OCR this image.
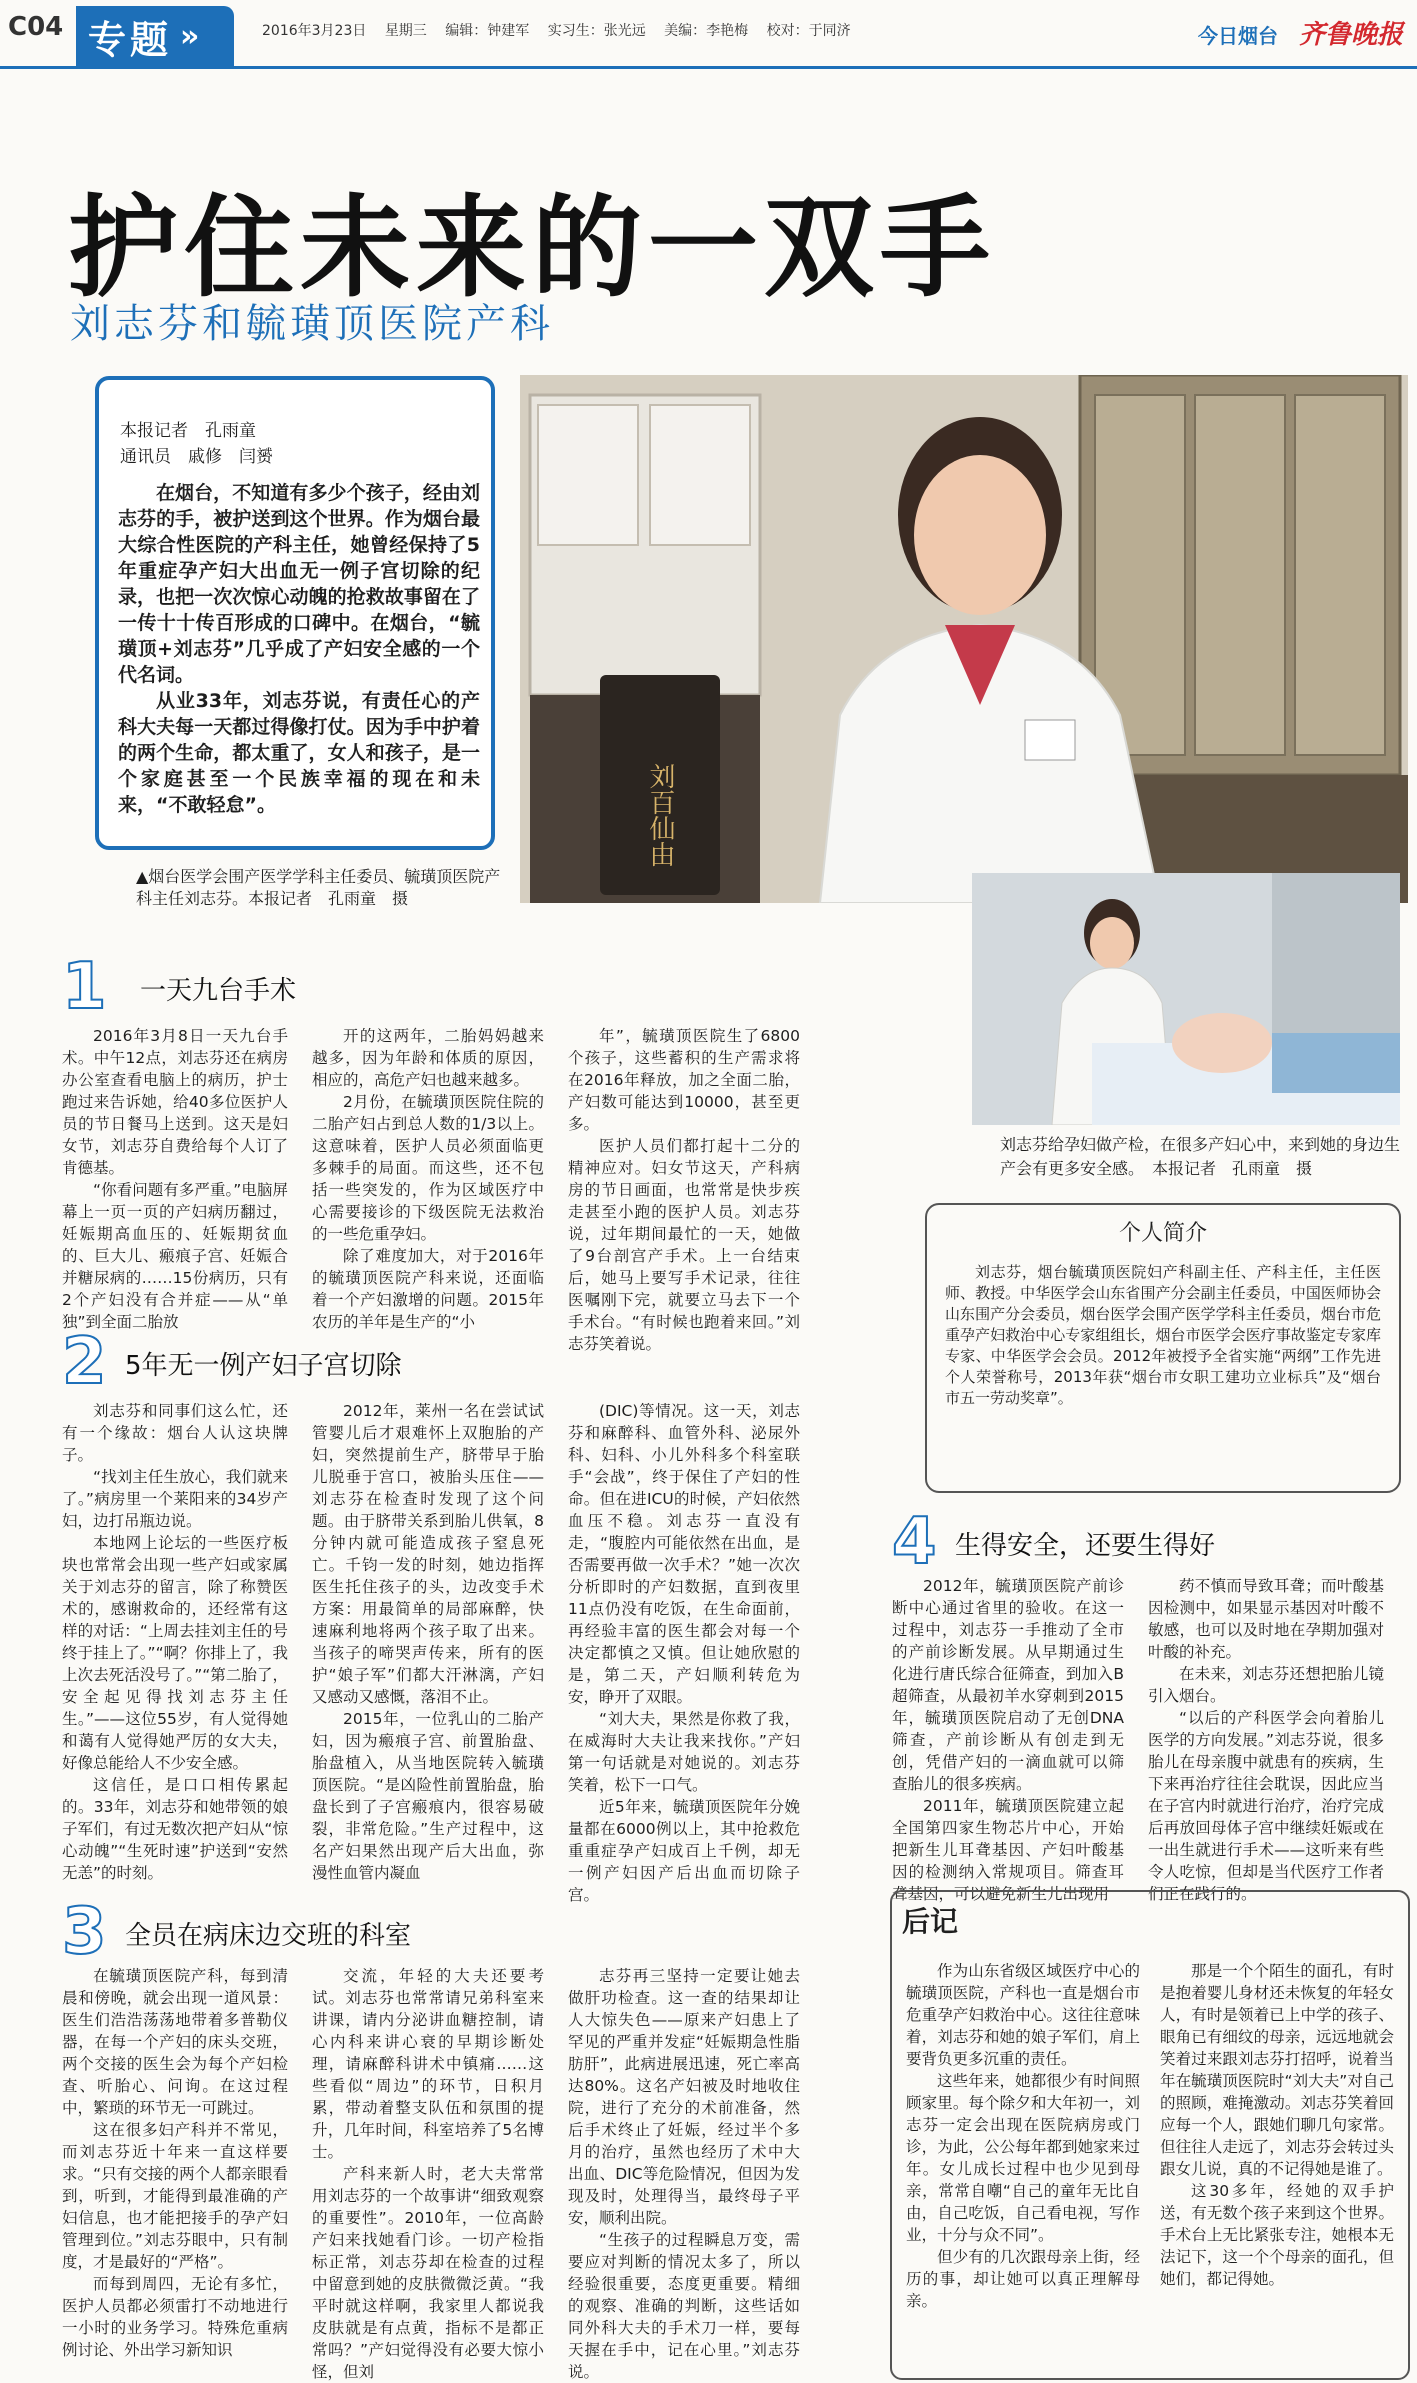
C04 专题 »	2016年3月23日 星期三 编辑：钟建军 实习生：张光远 美编：李艳梅 校对：于同济	今日烟台 齐鲁晚报
护住未来的一双手
刘志芬和毓璜顶医院产科
本报记者　孔雨童
通讯员　戚修　闫赟

在烟台，不知道有多少个孩子，经由刘志芬的手，被护送到这个世界。作为烟台最大综合性医院的产科主任，她曾经保持了5年重症孕产妇大出血无一例子宫切除的纪录，也把一次次惊心动魄的抢救故事留在了一传十十传百形成的口碑中。在烟台，“毓璜顶+刘志芬”几乎成了产妇安全感的一个代名词。

从业33年，刘志芬说，有责任心的产科大夫每一天都过得像打仗。因为手中护着的两个生命，都太重了，女人和孩子，是一个家庭甚至一个民族幸福的现在和未来，“不敢轻怠”。	刘百仙由
▲烟台医学会围产医学学科主任委员、毓璜顶医院产科主任刘志芬。本报记者　孔雨童　摄
刘志芬给孕妇做产检，在很多产妇心中，来到她的身边生产会有更多安全感。　本报记者　孔雨童　摄
个人简介
刘志芬，烟台毓璜顶医院妇产科副主任、产科主任，主任医师、教授。中华医学会山东省围产分会副主任委员，中国医师协会山东围产分会委员，烟台医学会围产医学学科主任委员，烟台市危重孕产妇救治中心专家组组长，烟台市医学会医疗事故鉴定专家库专家、中华医学会会员。2012年被授予全省实施“两纲”工作先进个人荣誉称号，2013年获“烟台市女职工建功立业标兵”及“烟台市五一劳动奖章”。
1 一天九台手术

2016年3月8日一天九台手术。中午12点，刘志芬还在病房办公室查看电脑上的病历，护士跑过来告诉她，给40多位医护人员的节日餐马上送到。这天是妇女节，刘志芬自费给每个人订了肯德基。

“你看问题有多严重。”电脑屏幕上一页一页的产妇病历翻过，妊娠期高血压的、妊娠期贫血的、巨大儿、瘢痕子宫、妊娠合并糖尿病的……15份病历，只有2个产妇没有合并症——从“单独”到全面二胎放

开的这两年，二胎妈妈越来越多，因为年龄和体质的原因，相应的，高危产妇也越来越多。

2月份，在毓璜顶医院住院的二胎产妇占到总人数的1/3以上。这意味着，医护人员必须面临更多棘手的局面。而这些，还不包括一些突发的，作为区域医疗中心需要接诊的下级医院无法救治的一些危重孕妇。

除了难度加大，对于2016年的毓璜顶医院产科来说，还面临着一个产妇激增的问题。2015年农历的羊年是生产的“小

年”，毓璜顶医院生了6800个孩子，这些蓄积的生产需求将在2016年释放，加之全面二胎，产妇数可能达到10000，甚至更多。

医护人员们都打起十二分的精神应对。妇女节这天，产科病房的节日画面，也常常是快步疾走甚至小跑的医护人员。刘志芬说，过年期间最忙的一天，她做了9台剖宫产手术。上一台结束后，她马上要写手术记录，往往医嘱刚下完，就要立马去下一个手术台。“有时候也跑着来回。”刘志芬笑着说。

2 5年无一例产妇子宫切除

刘志芬和同事们这么忙，还有一个缘故：烟台人认这块牌子。

“找刘主任生放心，我们就来了。”病房里一个莱阳来的34岁产妇，边打吊瓶边说。

本地网上论坛的一些医疗板块也常常会出现一些产妇或家属关于刘志芬的留言，除了称赞医术的，感谢救命的，还经常有这样的对话：“上周去挂刘主任的号终于挂上了。”“啊？你排上了，我上次去死活没号了。”“第二胎了，安全起见得找刘志芬主任生。”——这位55岁，有人觉得她和蔼有人觉得她严厉的女大夫，好像总能给人不少安全感。

这信任，是口口相传累起的。33年，刘志芬和她带领的娘子军们，有过无数次把产妇从“惊心动魄”“生死时速”护送到“安然无恙”的时刻。

2012年，莱州一名在尝试试管婴儿后才艰难怀上双胞胎的产妇，突然提前生产，脐带早于胎儿脱垂于宫口，被胎头压住——刘志芬在检查时发现了这个问题。由于脐带关系到胎儿供氧，8分钟内就可能造成孩子窒息死亡。千钧一发的时刻，她边指挥医生托住孩子的头，边改变手术方案：用最简单的局部麻醉，快速麻利地将两个孩子取了出来。当孩子的啼哭声传来，所有的医护“娘子军”们都大汗淋漓，产妇又感动又感慨，落泪不止。

2015年，一位乳山的二胎产妇，因为瘢痕子宫、前置胎盘、胎盘植入，从当地医院转入毓璜顶医院。“是凶险性前置胎盘，胎盘长到了子宫瘢痕内，很容易破裂，非常危险。”生产过程中，这名产妇果然出现产后大出血，弥漫性血管内凝血

(DIC)等情况。这一天，刘志芬和麻醉科、血管外科、泌尿外科、妇科、小儿外科多个科室联手“会战”，终于保住了产妇的性命。但在进ICU的时候，产妇依然血压不稳。刘志芬一直没有走，“腹腔内可能依然在出血，是否需要再做一次手术？”她一次次分析即时的产妇数据，直到夜里11点仍没有吃饭，在生命面前，再经验丰富的医生都会对每一个决定都慎之又慎。但让她欣慰的是，第二天，产妇顺利转危为安，睁开了双眼。

“刘大夫，果然是你救了我，在威海时大夫让我来找你。”产妇第一句话就是对她说的。刘志芬笑着，松下一口气。

近5年来，毓璜顶医院年分娩量都在6000例以上，其中抢救危重重症孕产妇成百上千例，却无一例产妇因产后出血而切除子宫。

3 全员在病床边交班的科室

在毓璜顶医院产科，每到清晨和傍晚，就会出现一道风景：医生们浩浩荡荡地带着多普勒仪器，在每一个产妇的床头交班，两个交接的医生会为每个产妇检查、听胎心、问询。在这过程中，繁琐的环节无一可跳过。

这在很多妇产科并不常见，而刘志芬近十年来一直这样要求。“只有交接的两个人都亲眼看到，听到，才能得到最准确的产妇信息，也才能把接手的孕产妇管理到位。”刘志芬眼中，只有制度，才是最好的“严格”。

而每到周四，无论有多忙，医护人员都必须雷打不动地进行一小时的业务学习。特殊危重病例讨论、外出学习新知识

交流，年轻的大夫还要考试。刘志芬也常常请兄弟科室来讲课，请内分泌讲血糖控制，请心内科来讲心衰的早期诊断处理，请麻醉科讲术中镇痛……这些看似“周边”的环节，日积月累，带动着整支队伍和氛围的提升，几年时间，科室培养了5名博士。

产科来新人时，老大夫常常用刘志芬的一个故事讲“细致观察的重要性”。2010年，一位高龄产妇来找她看门诊。一切产检指标正常，刘志芬却在检查的过程中留意到她的皮肤微微泛黄。“我平时就这样啊，我家里人都说我皮肤就是有点黄，指标不是都正常吗？”产妇觉得没有必要大惊小怪，但刘

志芬再三坚持一定要让她去做肝功检查。这一查的结果却让人大惊失色——原来产妇患上了罕见的严重并发症“妊娠期急性脂肪肝”，此病进展迅速，死亡率高达80%。这名产妇被及时地收住院，进行了充分的术前准备，然后手术终止了妊娠，经过半个多月的治疗，虽然也经历了术中大出血、DIC等危险情况，但因为发现及时，处理得当，最终母子平安，顺利出院。

“生孩子的过程瞬息万变，需要应对判断的情况太多了，所以经验很重要，态度更重要。精细的观察、准确的判断，这些话如同外科大夫的手术刀一样，要每天握在手中，记在心里。”刘志芬说。

4 生得安全，还要生得好

2012年，毓璜顶医院产前诊断中心通过省里的验收。在这一过程中，刘志芬一手推动了全市的产前诊断发展。从早期通过生化进行唐氏综合征筛查，到加入B超筛查，从最初羊水穿刺到2015年，毓璜顶医院启动了无创DNA筛查，产前诊断从有创走到无创，凭借产妇的一滴血就可以筛查胎儿的很多疾病。

2011年，毓璜顶医院建立起全国第四家生物芯片中心，开始把新生儿耳聋基因、产妇叶酸基因的检测纳入常规项目。筛查耳聋基因，可以避免新生儿出现用

药不慎而导致耳聋；而叶酸基因检测中，如果显示基因对叶酸不敏感，也可以及时地在孕期加强对叶酸的补充。

在未来，刘志芬还想把胎儿镜引入烟台。

“以后的产科医学会向着胎儿医学的方向发展。”刘志芬说，很多胎儿在母亲腹中就患有的疾病，生下来再治疗往往会耽误，因此应当在子宫内时就进行治疗，治疗完成后再放回母体子宫中继续妊娠或在一出生就进行手术——这听来有些令人吃惊，但却是当代医疗工作者们正在践行的。

后记

作为山东省级区域医疗中心的毓璜顶医院，产科也一直是烟台市危重孕产妇救治中心。这往往意味着，刘志芬和她的娘子军们，肩上要背负更多沉重的责任。

这些年来，她都很少有时间照顾家里。每个除夕和大年初一，刘志芬一定会出现在医院病房或门诊，为此，公公每年都到她家来过年。女儿成长过程中也少见到母亲，常常自嘲“自己的童年无比自由，自己吃饭，自己看电视，写作业，十分与众不同”。

但少有的几次跟母亲上街，经历的事，却让她可以真正理解母亲。

那是一个个陌生的面孔，有时是抱着婴儿身材还未恢复的年轻女人，有时是领着已上中学的孩子、眼角已有细纹的母亲，远远地就会笑着过来跟刘志芬打招呼，说着当年在毓璜顶医院时“刘大夫”对自己的照顾，难掩激动。刘志芬笑着回应每一个人，跟她们聊几句家常。但往往人走远了，刘志芬会转过头跟女儿说，真的不记得她是谁了。

这30多年，经她的双手护送，有无数个孩子来到这个世界。手术台上无比紧张专注，她根本无法记下，这一个个母亲的面孔，但她们，都记得她。
